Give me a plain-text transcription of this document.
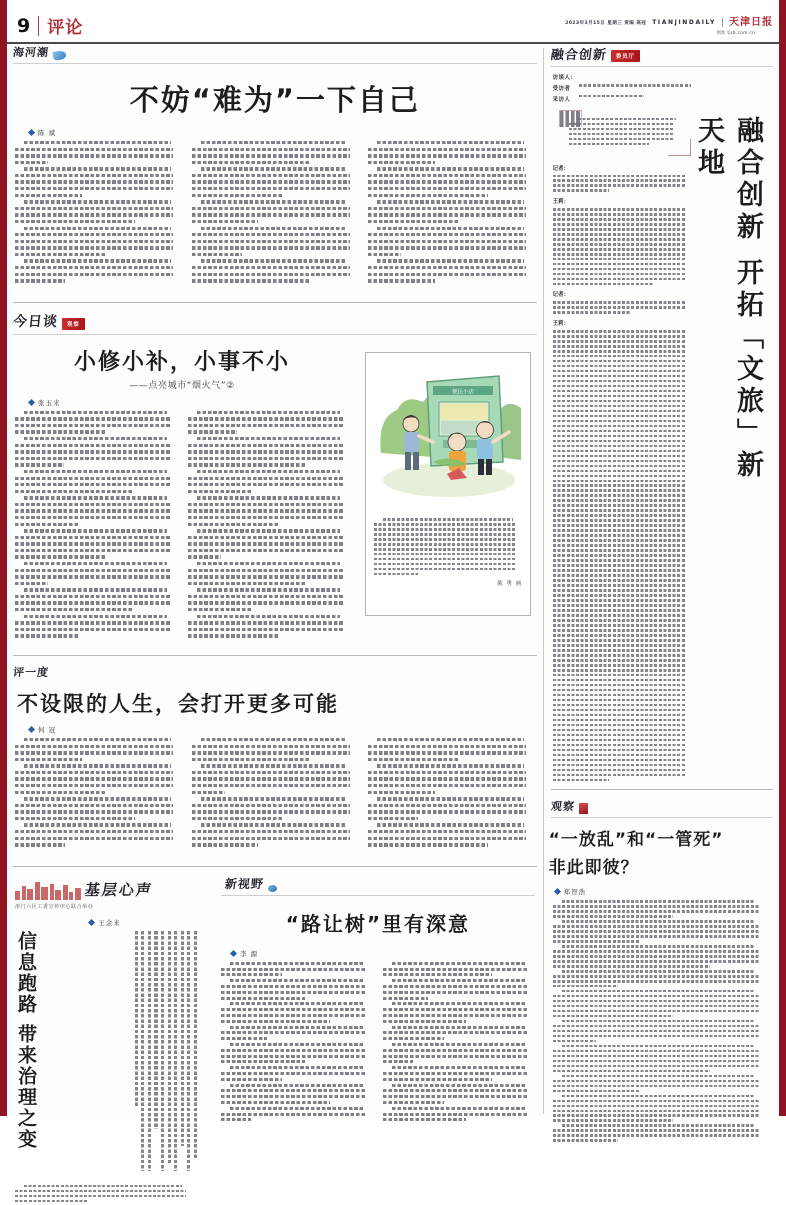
9 评论	2023年3月15日 星期三 责编 高冠 TIANJINDAILY 天津日报
网址 tjrb.com.cn
海河潮
不妨“难为”一下自己
陈 斌
今日谈	观察
小修小补，小事不小
——点亮城市“烟火气”②
张玉来
评一度
不设限的人生，会打开更多可能
何 冠
基层心声
津门六区工委宣传中心联合举办
王金来
信息跑路 带来治理之变
新视野
“路让树”里有深意
李 源
便民小店
陈 勇 画
融合创新	委员厅
融合创新 开拓「文旅」新天地
访谈人：
受访者
采访人
记者：
王莉：
记者：
王莉：
观察
“一放乱”和“一管死”
非此即彼？
郑智浩
